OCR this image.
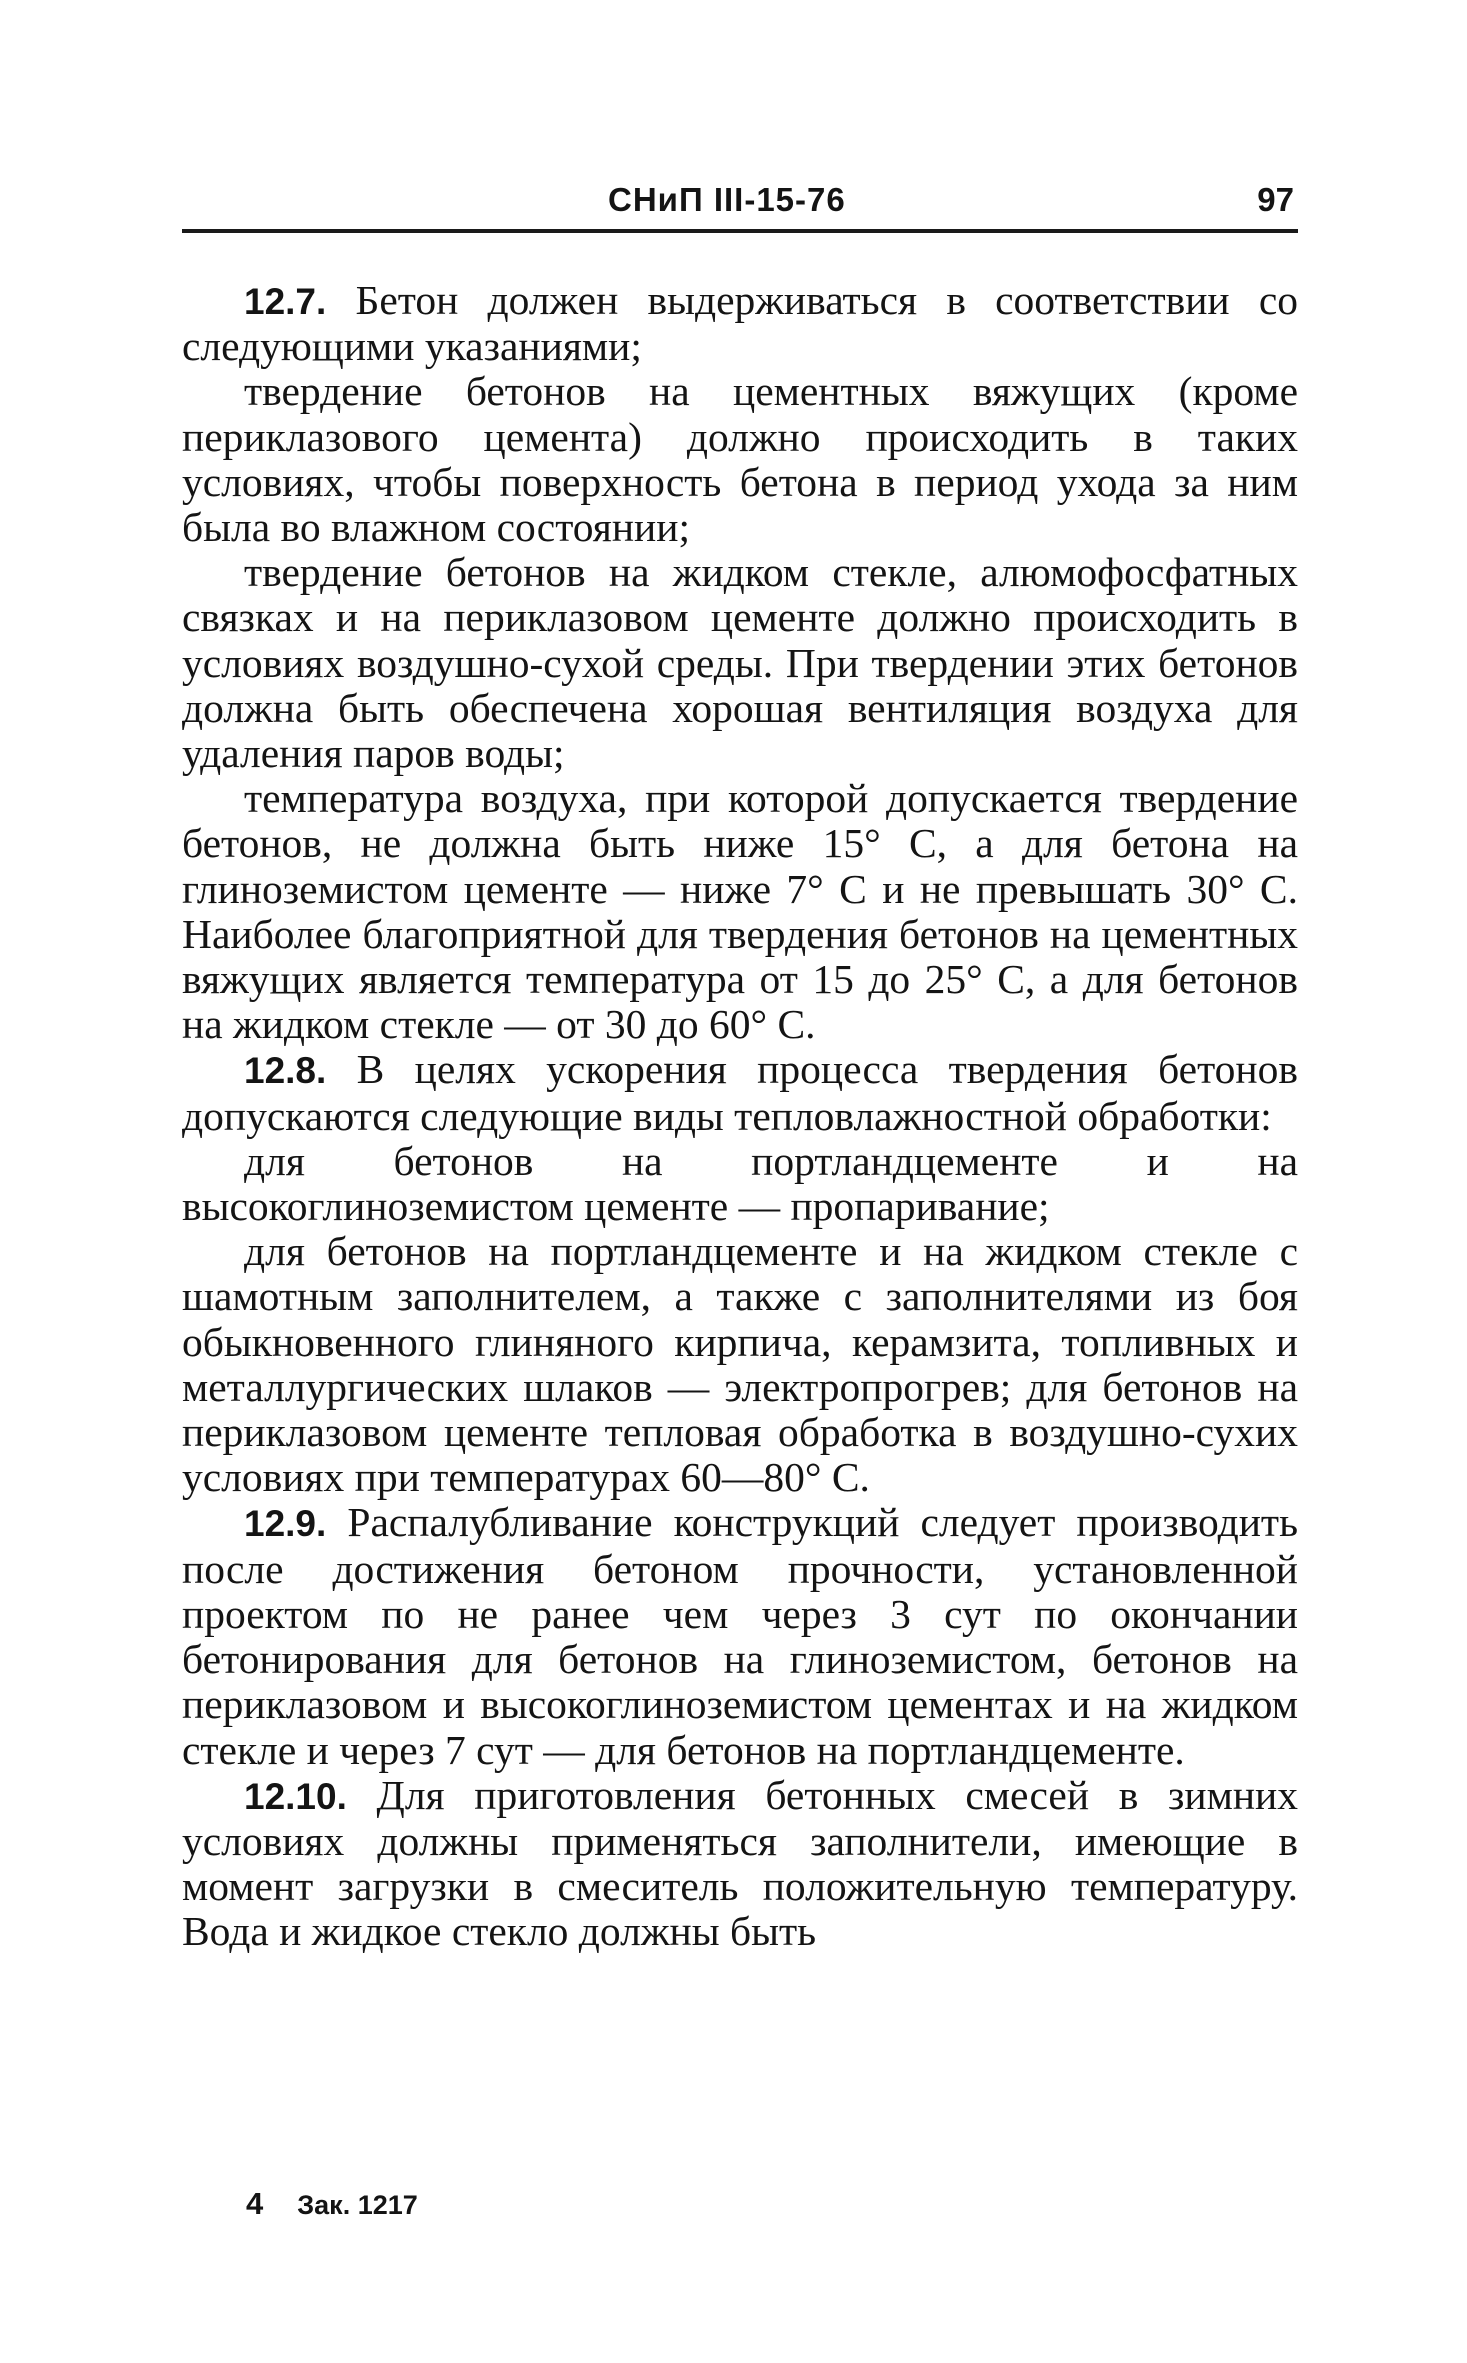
СНиП III-15-76	97

12.7. Бетон должен выдерживаться в соответствии со следующими указаниями;

твердение бетонов на цементных вяжущих (кроме периклазового цемента) должно происходить в таких условиях, чтобы поверхность бетона в период ухода за ним была во влажном состоянии;

твердение бетонов на жидком стекле, алюмофосфатных связках и на периклазовом цементе должно происходить в условиях воздушно-сухой среды. При твердении этих бетонов должна быть обеспечена хорошая вентиляция воздуха для удаления паров воды;

температура воздуха, при которой допускается твердение бетонов, не должна быть ниже 15° С, а для бетона на глиноземистом цементе — ниже 7° С и не превышать 30° С. Наиболее благоприятной для твердения бетонов на цементных вяжущих является температура от 15 до 25° С, а для бетонов на жидком стекле — от 30 до 60° С.

12.8. В целях ускорения процесса твердения бетонов допускаются следующие виды тепловлажностной обработки:

для бетонов на портландцементе и на высокоглиноземистом цементе — пропаривание;

для бетонов на портландцементе и на жидком стекле с шамотным заполнителем, а также с заполнителями из боя обыкновенного глиняного кирпича, керамзита, топливных и металлургических шлаков — электропрогрев; для бетонов на периклазовом цементе тепловая обработка в воздушно-сухих условиях при температурах 60—80° С.

12.9. Распалубливание конструкций следует производить после достижения бетоном прочности, установленной проектом по не ранее чем через 3 сут по окончании бетонирования для бетонов на глиноземистом, бетонов на периклазовом и высокоглиноземистом цементах и на жидком стекле и через 7 сут — для бетонов на портландцементе.

12.10. Для приготовления бетонных смесей в зимних условиях должны применяться заполнители, имеющие в момент загрузки в смеситель положительную температуру. Вода и жидкое стекло должны быть

4 Зак. 1217
